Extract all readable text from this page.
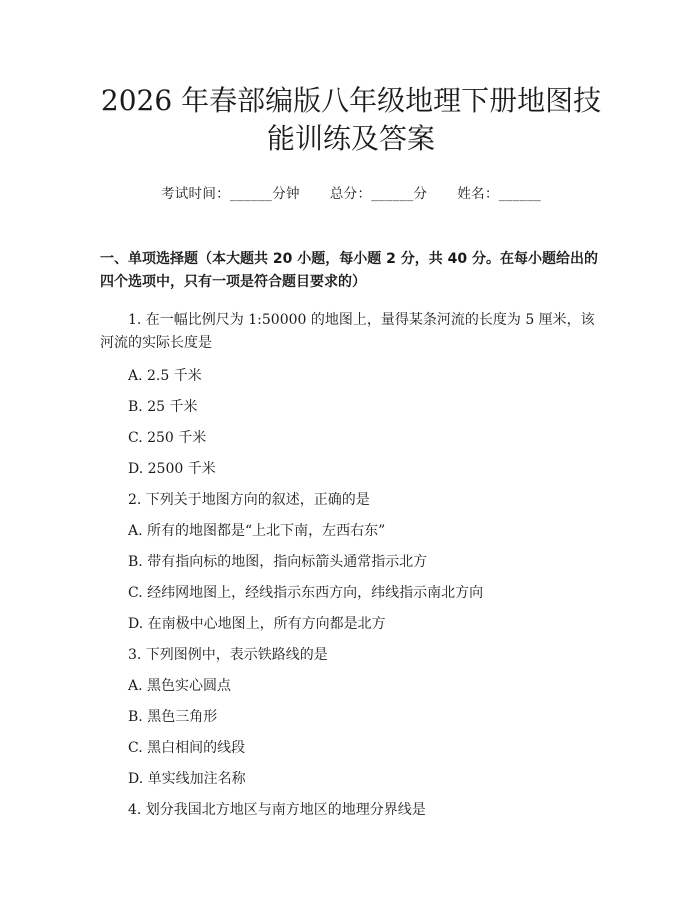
2026 年春部编版八年级地理下册地图技能训练及答案
考试时间：______分钟 总分：______分 姓名：______
一、单项选择题（本大题共 20 小题，每小题 2 分，共 40 分。在每小题给出的四个选项中，只有一项是符合题目要求的）
1. 在一幅比例尺为 1:50000 的地图上，量得某条河流的长度为 5 厘米，该河流的实际长度是
A. 2.5 千米
B. 25 千米
C. 250 千米
D. 2500 千米
2. 下列关于地图方向的叙述，正确的是
A. 所有的地图都是“上北下南，左西右东”
B. 带有指向标的地图，指向标箭头通常指示北方
C. 经纬网地图上，经线指示东西方向，纬线指示南北方向
D. 在南极中心地图上，所有方向都是北方
3. 下列图例中，表示铁路线的是
A. 黑色实心圆点
B. 黑色三角形
C. 黑白相间的线段
D. 单实线加注名称
4. 划分我国北方地区与南方地区的地理分界线是
